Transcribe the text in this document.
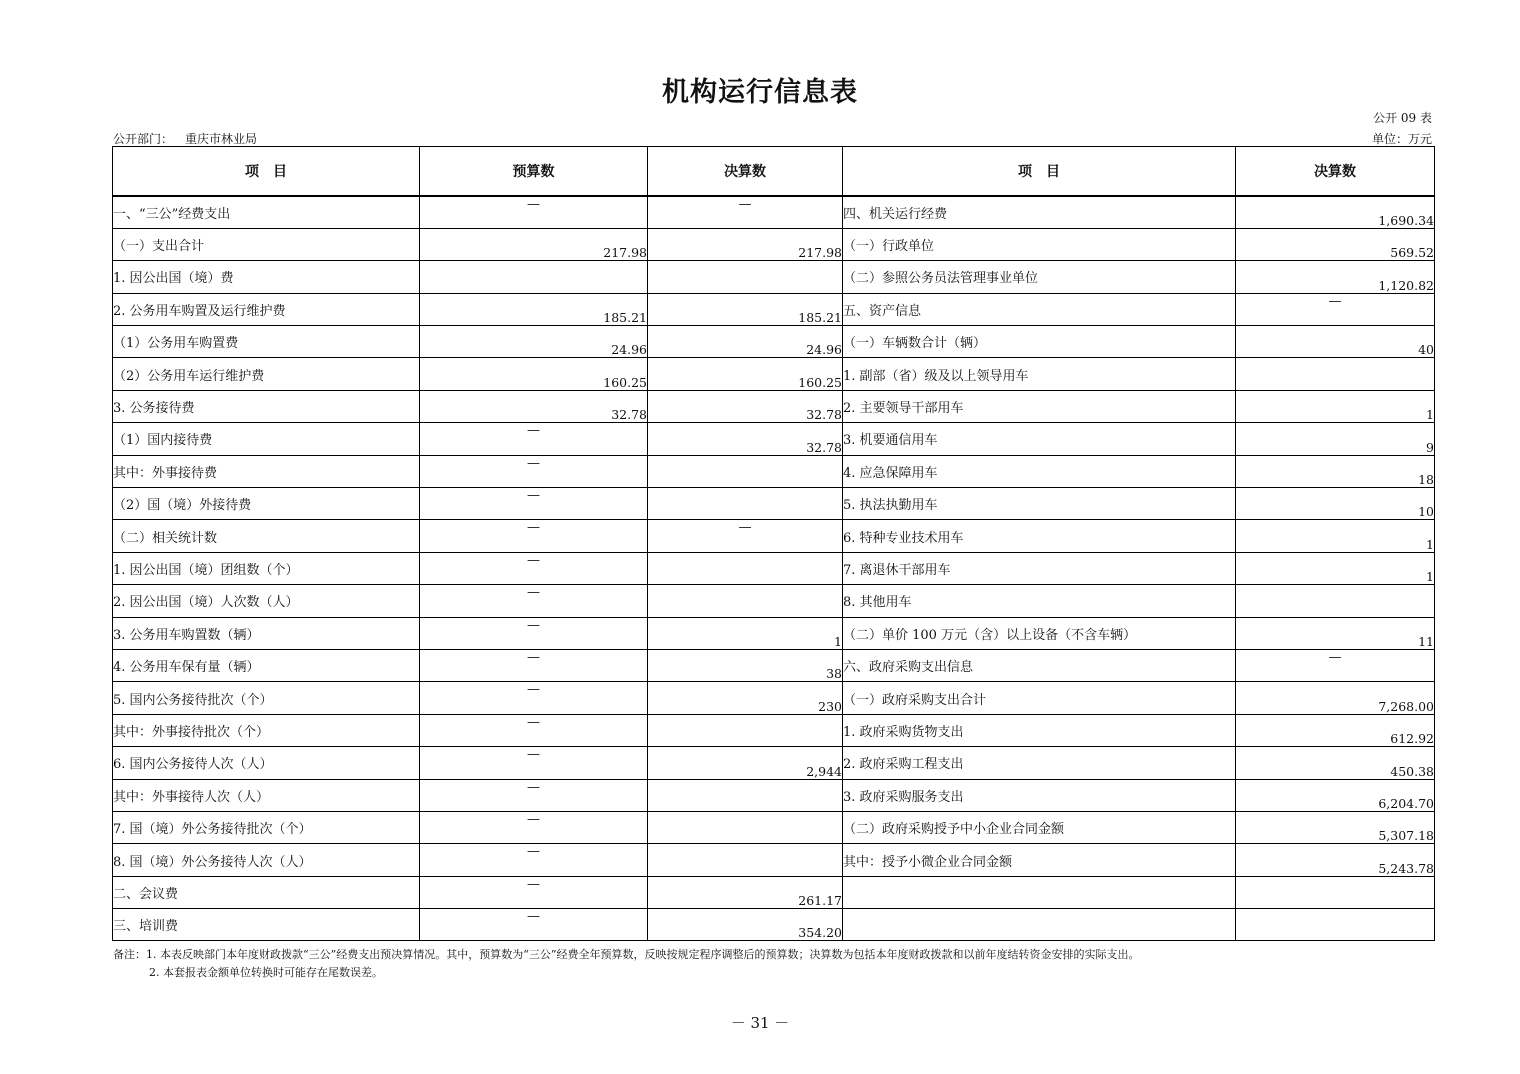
机构运行信息表
公开 09 表
公开部门： 重庆市林业局	单位：万元
项　目	预算数	决算数	项　目	决算数
一、“三公”经费支出	—	—	四、机关运行经费	1,690.34
（一）支出合计	217.98	217.98	（一）行政单位	569.52
1. 因公出国（境）费			（二）参照公务员法管理事业单位	1,120.82
2. 公务用车购置及运行维护费	185.21	185.21	五、资产信息	—
（1）公务用车购置费	24.96	24.96	（一）车辆数合计（辆）	40
（2）公务用车运行维护费	160.25	160.25	1. 副部（省）级及以上领导用车	
3. 公务接待费	32.78	32.78	2. 主要领导干部用车	1
（1）国内接待费	—	32.78	3. 机要通信用车	9
其中：外事接待费	—		4. 应急保障用车	18
（2）国（境）外接待费	—		5. 执法执勤用车	10
（二）相关统计数	—	—	6. 特种专业技术用车	1
1. 因公出国（境）团组数（个）	—		7. 离退休干部用车	1
2. 因公出国（境）人次数（人）	—		8. 其他用车	
3. 公务用车购置数（辆）	—	1	（二）单价 100 万元（含）以上设备（不含车辆）	11
4. 公务用车保有量（辆）	—	38	六、政府采购支出信息	—
5. 国内公务接待批次（个）	—	230	（一）政府采购支出合计	7,268.00
其中：外事接待批次（个）	—		1. 政府采购货物支出	612.92
6. 国内公务接待人次（人）	—	2,944	2. 政府采购工程支出	450.38
其中：外事接待人次（人）	—		3. 政府采购服务支出	6,204.70
7. 国（境）外公务接待批次（个）	—		（二）政府采购授予中小企业合同金额	5,307.18
8. 国（境）外公务接待人次（人）	—		其中：授予小微企业合同金额	5,243.78
二、会议费	—	261.17		
三、培训费	—	354.20		
备注：1. 本表反映部门本年度财政拨款“三公”经费支出预决算情况。其中，预算数为“三公”经费全年预算数，反映按规定程序调整后的预算数；决算数为包括本年度财政拨款和以前年度结转资金安排的实际支出。
2. 本套报表金额单位转换时可能存在尾数误差。
－ 31 －
